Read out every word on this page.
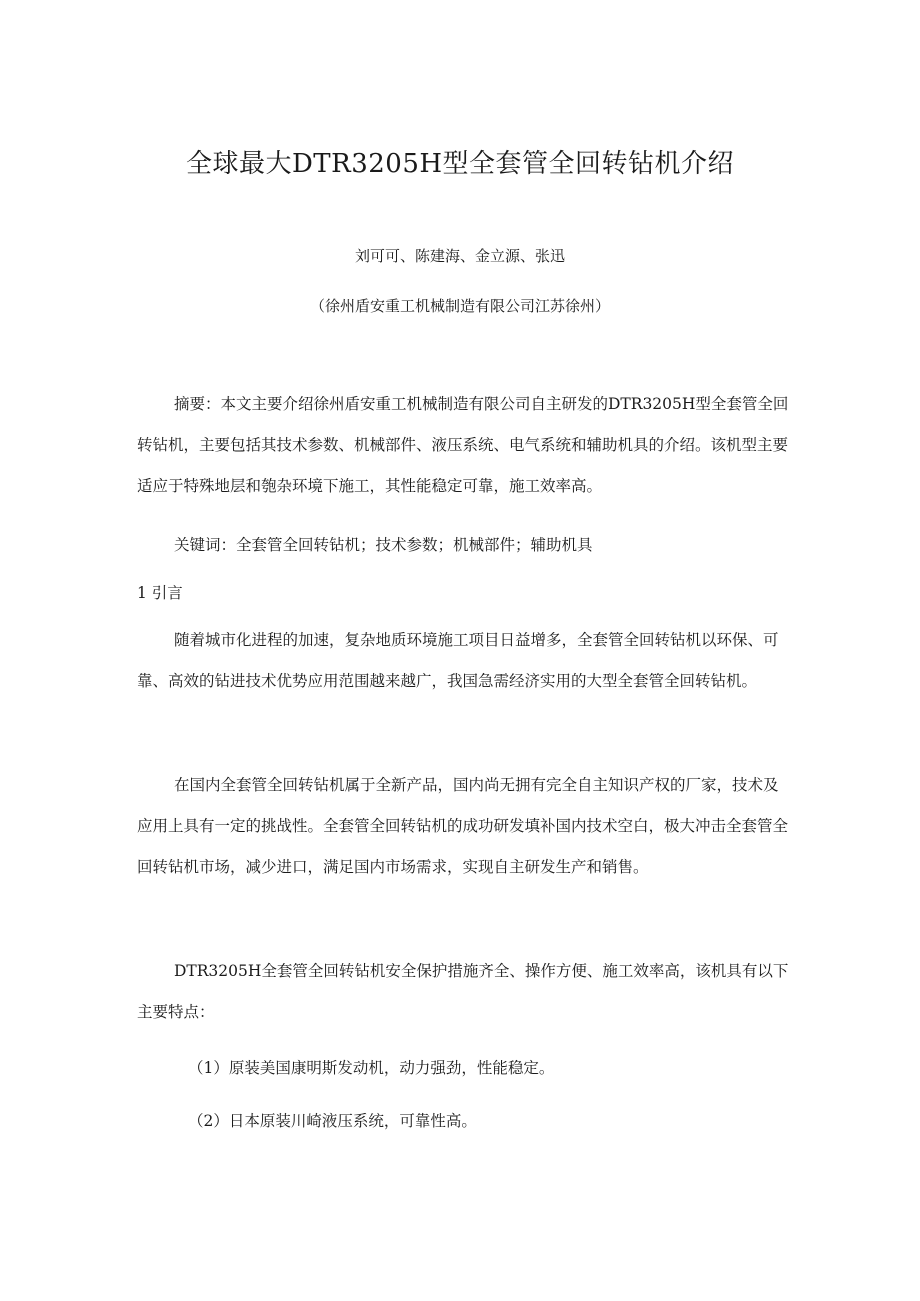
全球最大DTR3205H型全套管全回转钻机介绍
刘可可、陈建海、金立源、张迅
（徐州盾安重工机械制造有限公司江苏徐州）

摘要：本文主要介绍徐州盾安重工机械制造有限公司自主研发的DTR3205H型全套管全回转钻机，主要包括其技术参数、机械部件、液压系统、电气系统和辅助机具的介绍。该机型主要适应于特殊地层和匏杂环境下施工，其性能稳定可靠，施工效率高。

关键词：全套管全回转钻机；技术参数；机械部件；辅助机具

1 引言

随着城市化进程的加速，复杂地质环境施工项目日益增多，全套管全回转钻机以环保、可靠、高效的钻进技术优势应用范围越来越广，我国急需经济实用的大型全套管全回转钻机。

在国内全套管全回转钻机属于全新产品，国内尚无拥有完全自主知识产权的厂家，技术及应用上具有一定的挑战性。全套管全回转钻机的成功研发填补国内技术空白，极大冲击全套管全回转钻机市场，减少进口，满足国内市场需求，实现自主研发生产和销售。

DTR3205H全套管全回转钻机安全保护措施齐全、操作方便、施工效率高，该机具有以下主要特点：

（1）原装美国康明斯发动机，动力强劲，性能稳定。

（2）日本原装川崎液压系统，可靠性高。
